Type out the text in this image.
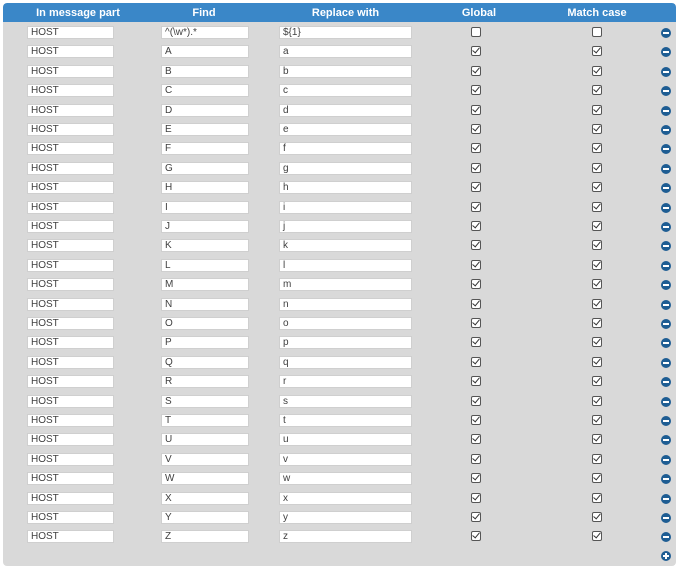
In message part	Find	Replace with	Global	Match case
HOST	^(\w*).*	${1}
HOST	A	a
HOST	B	b
HOST	C	c
HOST	D	d
HOST	E	e
HOST	F	f
HOST	G	g
HOST	H	h
HOST	I	i
HOST	J	j
HOST	K	k
HOST	L	l
HOST	M	m
HOST	N	n
HOST	O	o
HOST	P	p
HOST	Q	q
HOST	R	r
HOST	S	s
HOST	T	t
HOST	U	u
HOST	V	v
HOST	W	w
HOST	X	x
HOST	Y	y
HOST	Z	z
